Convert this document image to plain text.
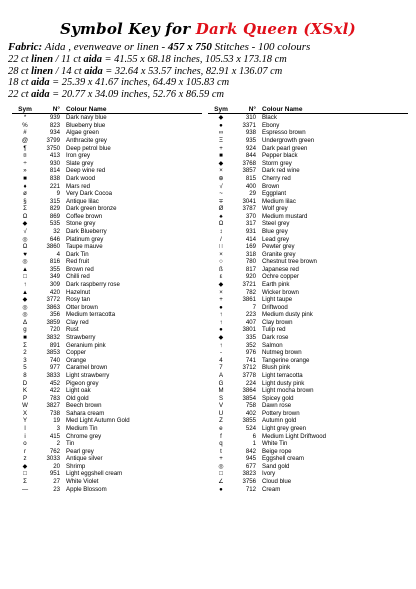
Symbol Key for Dark Queen (XSxl)
Fabric: Aida , evenweave or linen - 457 x 750 Stitches - 100 colours
22 ct linen / 11 ct aida = 41.55 x 68.18 inches, 105.53 x 173.18 cm
28 ct linen / 14 ct aida = 32.64 x 53.57 inches, 82.91 x 136.07 cm
18 ct aida = 25.39 x 41.67 inches, 64.49 x 105.83 cm
22 ct aida = 20.77 x 34.09 inches, 52.76 x 86.59 cm
Sym	N° Colour Name
*	939 Dark navy blue
%	823 Blueberry blue
#	934 Algae green
@	3799 Anthracite grey
¶	3750 Deep petrol blue
¤	413 Iron grey
÷	930 Slate grey
»	814 Deep wine red
■	838 Dark wood
♦	221 Mars red
ø	9 Very Dark Cocoa
§	315 Antique lilac
Σ	829 Dark green bronze
Ω	869 Coffee brown
◆	535 Stone grey
√	32 Dark Blueberry
◎	646 Platinum grey
Ω	3860 Taupe mauve
♥	4 Dark Tin
◎	816 Red fruit
▲	355 Brown red
□	349 Chilli red
↑	309 Dark raspberry rose
▲	420 Hazelnut
◆	3772 Rosy tan
◎	3863 Otter brown
◎	356 Medium terracotta
Δ	3859 Clay red
g	720 Rust
■	3832 Strawberry
Σ	891 Geranium pink
2	3853 Copper
3	740 Orange
5	977 Caramel brown
8	3833 Light strawberry
D	452 Pigeon grey
K	422 Light oak
P	783 Old gold
W	3827 Beech brown
X	738 Sahara cream
Y	19 Med Light Autumn Gold
l	3 Medium Tin
i	415 Chrome grey
o	2 Tin
r	762 Pearl grey
z	3033 Antique silver
◆	20 Shrimp
□	951 Light eggshell cream
Σ	27 White Violet
—	23 Apple Blossom
Sym	N° Colour Name
◆	310 Black
●	3371 Ebony
∞	938 Espresso brown
Ξ	935 Undergrowth green
+	924 Dark pearl green
■	844 Pepper black
◆	3768 Storm grey
×	3857 Dark red wine
⊕	815 Cherry red
√	400 Brown
~	29 Eggplant
∓	3041 Medium lilac
Ø	3787 Wolf grey
♠	370 Medium mustard
Ω	317 Steel grey
↕	931 Blue grey
/	414 Lead grey
∷	169 Pewter grey
×	318 Granite grey
○	780 Chestnut tree brown
ß	817 Japanese red
ε	920 Ochre copper
◆	3721 Earth pink
×	782 Wicker brown
+	3861 Light taupe
●	7 Driftwood
↑	223 Medium dusty pink
↑	407 Clay brown
●	3801 Tulip red
◆	335 Dark rose
↑	352 Salmon
-	976 Nutmeg brown
4	741 Tangerine orange
7	3712 Blush pink
A	3778 Light terracotta
G	224 Light dusty pink
M	3864 Light mocha brown
S	3854 Spicey gold
V	758 Dawn rose
U	402 Pottery brown
Z	3855 Autumn gold
e	524 Light grey green
f	6 Medium Light Driftwood
q	1 White Tin
t	842 Beige rope
+	945 Eggshell cream
◎	677 Sand gold
□	3823 Ivory
∠	3756 Cloud blue
●	712 Cream
